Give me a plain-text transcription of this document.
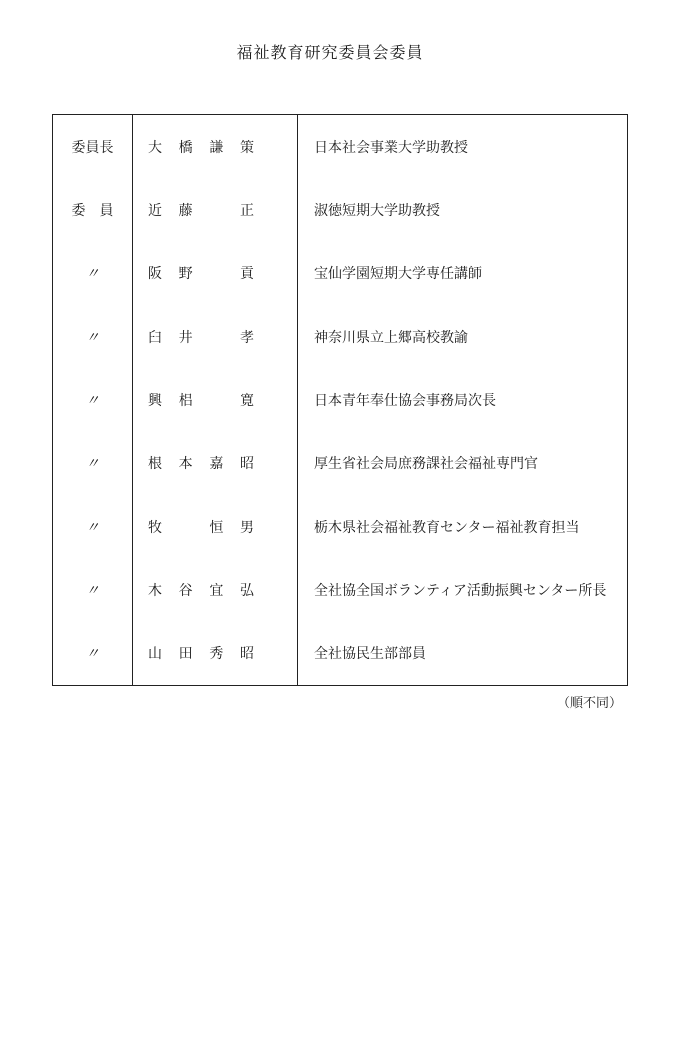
福祉教育研究委員会委員
委員長	大 橋 謙 策	日本社会事業大学助教授
委　員	近 藤 正	淑徳短期大学助教授
〃	阪 野 貢	宝仙学園短期大学専任講師
〃	臼 井 孝	神奈川県立上郷高校教諭
〃	興 梠 寛	日本青年奉仕協会事務局次長
〃	根 本 嘉 昭	厚生省社会局庶務課社会福祉専門官
〃	牧 恒 男	栃木県社会福祉教育センター福祉教育担当
〃	木 谷 宜 弘	全社協全国ボランティア活動振興センター所長
〃	山 田 秀 昭	全社協民生部部員
（順不同）
